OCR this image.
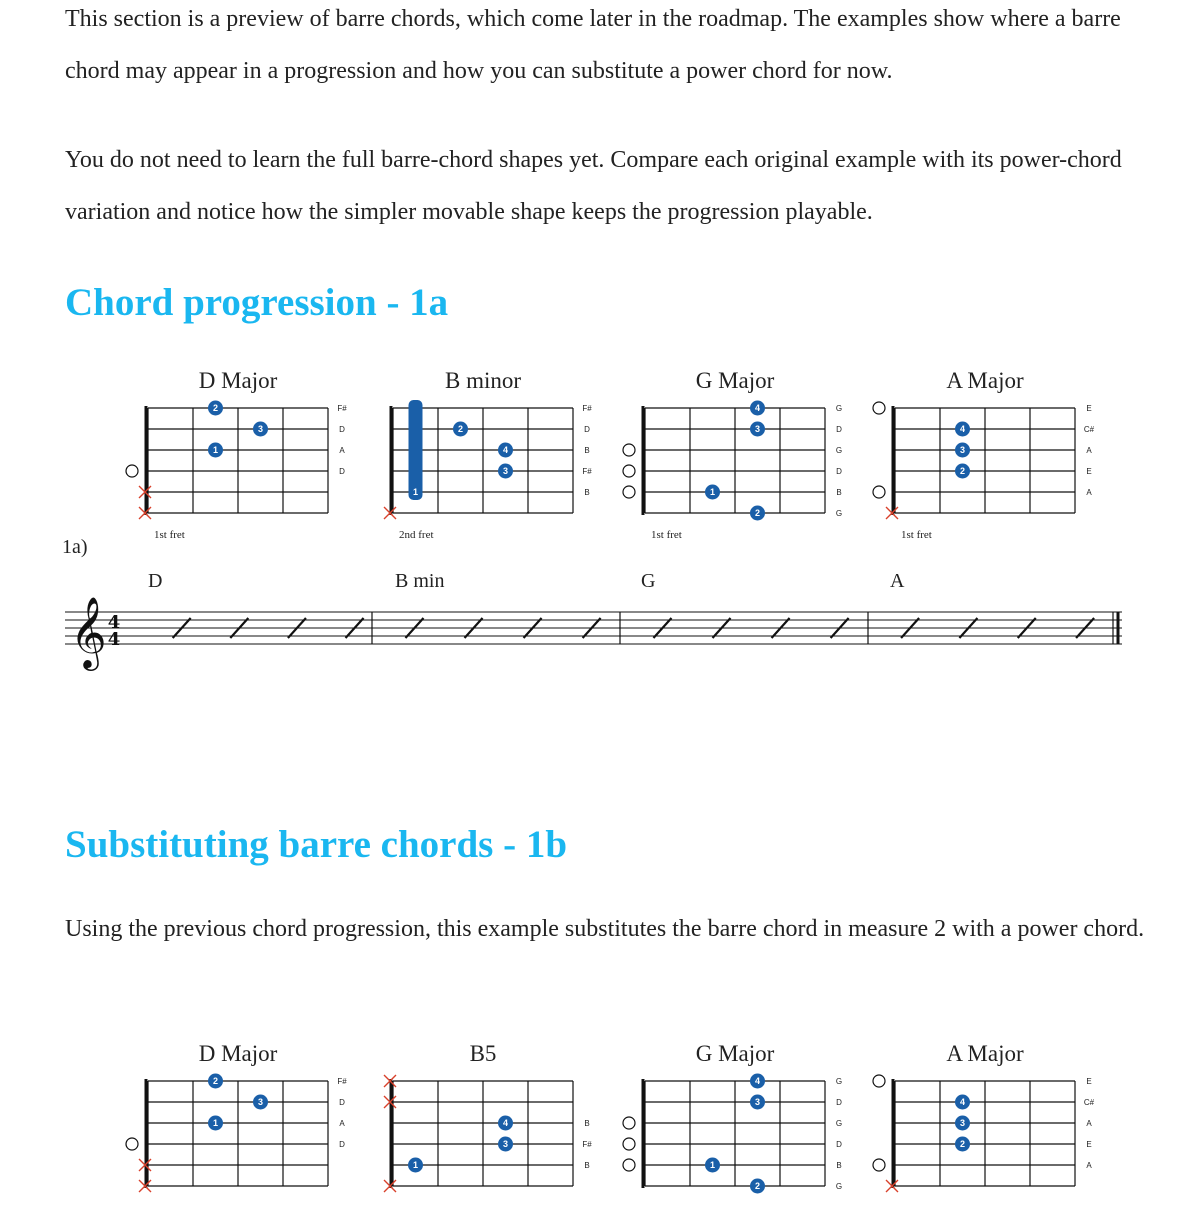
This section is a preview of barre chords, which come later in the roadmap. The examples show where a barre chord may appear in a progression and how you can substitute a power chord for now.

You do not need to learn the full barre-chord shapes yet. Compare each original example with its power-chord variation and notice how the simpler movable shape keeps the progression playable.

Chord progression - 1a
D Major
2
3
1
F#
D
A
D
1st fret
B minor
1
2
4
3
F#
D
B
F#
B
2nd fret
G Major
4
3
1
2
G
D
G
D
B
G
1st fret
A Major
4
3
2
E
C#
A
E
A
1st fret
1a)
𝄞 4
4
D	B min	G	A
Substituting barre chords - 1b

Using the previous chord progression, this example substitutes the barre chord in measure 2 with a power chord.

D Major
2
3
1
F#
D
A
D
B5
4
3
1
B
F#
B
G Major
4
3
1
2
G
D
G
D
B
G
A Major
4
3
2
E
C#
A
E
A
